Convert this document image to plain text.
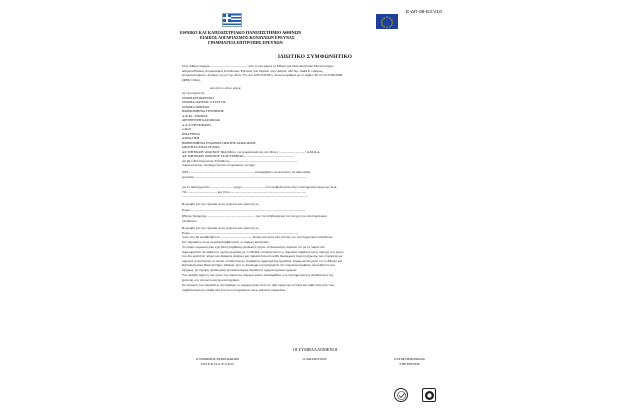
★ ★
★
★
★
★
★
★
★
★
★
★
Ε-ΔΠ-06-Ε3.V10
ΕΘΝΙΚΟ ΚΑΙ ΚΑΠΟΔΙΣΤΡΙΑΚΟ ΠΑΝΕΠΙΣΤΗΜΙΟ ΑΘΗΝΩΝ
ΕΙΔΙΚΟΣ ΛΟΓΑΡΙΑΣΜΟΣ ΚΟΝΔΥΛΙΩΝ ΕΡΕΥΝΑΣ
ΓΡΑΜΜΑΤΕΙΑ ΕΠΙΤΡΟΠΗΣ ΕΡΕΥΝΩΝ
ΙΔΙΩΤΙΚΟ ΣΥΜΦΩΝΗΤΙΚΟ
Στην Αθήνα σήμερα ............................................ από το ένα μέρος το Εθνικό και Καποδιστριακό Πανεπιστήμιο
Αθηνών/Ειδικός Λογαριασμός Κονδυλίων Έρευνας που εδρεύει στην Αθήνα, οδό Χρ. Λαδά 6, νομίμως
εκπροσωπούμενο, δυνάμει της υπ' αρ. Κοιν. Υπ. Απ. 679/22.8.96 η οποία κυρώθηκε με το άρθρο 36 του Ν.3794/2009
(ΦΕΚ 156Α),
και από το άλλο μέρος
α) ο (ονοματεπ):
ΟΝΟΜΑΤΕΠΩΝΥΜΟ
ΟΝΟΜΑ ΠΑΤΡΟΣ/ ΣΥΖΥΓΟΥ
ΟΝΟΜΑ ΜΗΤΡΟΣ
ΗΜΕΡΟΜΗΝΙΑ ΓΕΝΝΗΣΗΣ
Α.Φ.Μ. / ΕΦΟΡΙΑ
ΔΙΕΥΘΥΝΣΗ ΚΑΤΟΙΚΙΑΣ
Α.Δ.Τ./ΤΗΛΕΦΩΝΟ
e-mail
ΙΘΑΓΕΝΕΙΑ
ΑΣΦΑΛΙΣΗ
ΗΜΕΡΟΜΗΝΙΑ ΕΝΑΡΞΗΣ ΠΡΩΤΗΣ ΑΣΦΑΛΙΣΗΣ
ΙΔΙΟΤΗΤΑ-ΕΠΑΓΓΕΛΜΑ
ΑΡ. ΜΗΤΡΩΟΥ ΑΣΦ/ΝΟΥ ΙΚΑ (Μόνο για ασφαλισμένους στο ΙΚΑ ) : ............................ / Α.Μ.Κ.Α.
ΑΡ. ΜΗΤΡΩΟΥ ΑΣΦ/ΝΟΥ ΤΣΑΥ/ΤΣΜΕΔΕ/..........................................................
και β) ο Επιστημονικός Υπεύθυνος ..............................................................................
συμφωνούνται, αποδέχονται και υπογράφουν τα εξής:
Ο/Η ............................................................................. αναλαμβάνει να εκτελέσει τις ακόλουθες
εργασίες ....................................................................................................................................
για το διάστημα από ........................... μέχρι .......................... που προβλέπονται στην επιστημονικό έργου με Κ.Α.
70/.................................... και τίτλο .........................................................................................
....................................................................................................................................................
Η αμοιβή για την εργασία αυτή ορίζεται και/ αφιεστή σε
Ευρώ ........................................................................................................................................
(Θηγός Χρημ/σης ........................................................ ) με την επίβλεψη και τον έλεγχο του επιστημονικού
υπευθύνου.
Η αμοιβή για την εργασία αυτή ορίζεται και/ αφιεστή σε
Ευρώ ...............................................................................................................................
ποσό που θα καταβληθεί σε ..................................... δόσεις και μετά από εντολή του επιστημονικού υπευθύνου.
Στο παρακάτω ποσό συμπεριλαμβάνονται οι νόμιμες κρατήσεις.
Το παρόν συμφωνητικό έχει θέση σύμβασης μίσθωσης έργου. Ο Δικαιούχος δηλώνει ότι με το παρόν δεν
δημιουργείται οποιαδήποτε σχέση εργασίας με το ΕΚΠΑ, αποδέχεται ότι η παρούσα σύμβαση και η παροχή του έργου
του δεν καλύπτει πάγιες και διαρκείς ανάγκες και παραιτείται από κάθε δικαίωμα ή έγερση αξίωσης που στρέφεται με
παροχές ή απαιτήσεις οι οποίες συνδέονται με συμβάσεις εξαρτημένης εργασίας. Συμφωνείται ρητά ότι το Εθνικό και
Καποδιστριακό Πανεπιστήμιο Αθηνών έχει το δικαίωμα να καταγγείλει την παρούσα σύμβαση οποτεδήποτε και
αζημίως, με τήρηση προθεσμίας προειδοποίησης δεκαπέντε ημερολογιακών ημερών
Την ακριβή τήρηση των όρων του παρόντος συμφωνητικού αναλαμβάνει ο/η επιστημονικός/ή υπεύθυνος/η της
έρευνας, ο/η οποίος/α και προσυπογράφει.
Σε πίστωση των παραπάνω συντάχθηκε το συμφωνητικό αυτό σε τρία όμοια πρωτότυπα και κάθε ένας από τους
συμβαλλόμενους έλαβε από ένα που υπογράφεται όπως φαίνεται παρακάτω.
ΟΙ ΣΥΜΒΑΛΛΟΜΕΝΟΙ
Ο ΝΟΜΙΜΟΣ ΕΚΠΡΟΣΩΠΟΣ
ΤΟΥ Ε.Κ.Π.Α./Ε.Λ.Κ.Ε.
Ο ΔΙΚΑΙΟΥΧΟΣ	Ο ΕΠΙΣΤΗΜΟΝΙΚΟΣ
ΥΠΕΥΘΥΝΟΣ
